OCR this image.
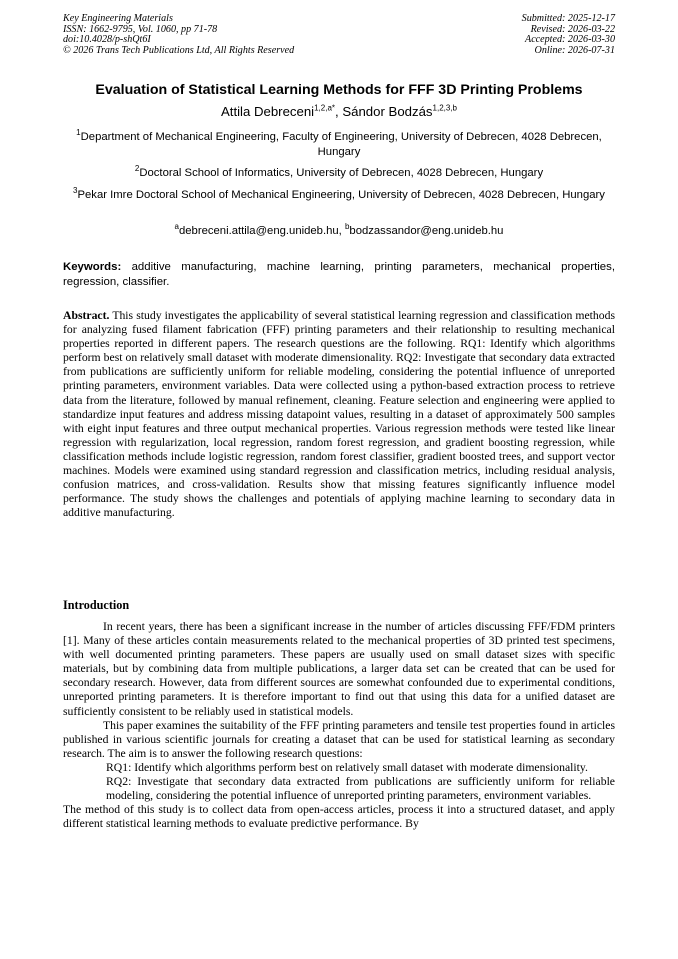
Key Engineering Materials
ISSN: 1662-9795, Vol. 1060, pp 71-78
doi:10.4028/p-shQt6I
© 2026 Trans Tech Publications Ltd, All Rights Reserved
Submitted: 2025-12-17
Revised: 2026-03-22
Accepted: 2026-03-30
Online: 2026-07-31
Evaluation of Statistical Learning Methods for FFF 3D Printing Problems
Attila Debreceni$^{1,2,a*}$, Sándor Bodzás$^{1,2,3,b}$
$^1$Department of Mechanical Engineering, Faculty of Engineering, University of Debrecen, 4028 Debrecen, Hungary
$^2$Doctoral School of Informatics, University of Debrecen, 4028 Debrecen, Hungary
$^3$Pekar Imre Doctoral School of Mechanical Engineering, University of Debrecen, 4028 Debrecen, Hungary
$^a$debreceni.attila@eng.unideb.hu, $^b$bodzassandor@eng.unideb.hu
Keywords: additive manufacturing, machine learning, printing parameters, mechanical properties, regression, classifier.
Abstract. This study investigates the applicability of several statistical learning regression and classification methods for analyzing fused filament fabrication (FFF) printing parameters and their relationship to resulting mechanical properties reported in different papers. The research questions are the following. RQ1: Identify which algorithms perform best on relatively small dataset with moderate dimensionality. RQ2: Investigate that secondary data extracted from publications are sufficiently uniform for reliable modeling, considering the potential influence of unreported printing parameters, environment variables. Data were collected using a python-based extraction process to retrieve data from the literature, followed by manual refinement, cleaning. Feature selection and engineering were applied to standardize input features and address missing datapoint values, resulting in a dataset of approximately 500 samples with eight input features and three output mechanical properties. Various regression methods were tested like linear regression with regularization, local regression, random forest regression, and gradient boosting regression, while classification methods include logistic regression, random forest classifier, gradient boosted trees, and support vector machines. Models were examined using standard regression and classification metrics, including residual analysis, confusion matrices, and cross-validation. Results show that missing features significantly influence model performance. The study shows the challenges and potentials of applying machine learning to secondary data in additive manufacturing.
Introduction

In recent years, there has been a significant increase in the number of articles discussing FFF/FDM printers [1]. Many of these articles contain measurements related to the mechanical properties of 3D printed test specimens, with well documented printing parameters. These papers are usually used on small dataset sizes with specific materials, but by combining data from multiple publications, a larger data set can be created that can be used for secondary research. However, data from different sources are somewhat confounded due to experimental conditions, unreported printing parameters. It is therefore important to find out that using this data for a unified dataset are sufficiently consistent to be reliably used in statistical models.

This paper examines the suitability of the FFF printing parameters and tensile test properties found in articles published in various scientific journals for creating a dataset that can be used for statistical learning as secondary research. The aim is to answer the following research questions:

RQ1: Identify which algorithms perform best on relatively small dataset with moderate dimensionality.

RQ2: Investigate that secondary data extracted from publications are sufficiently uniform for reliable modeling, considering the potential influence of unreported printing parameters, environment variables.

The method of this study is to collect data from open-access articles, process it into a structured dataset, and apply different statistical learning methods to evaluate predictive performance. By
